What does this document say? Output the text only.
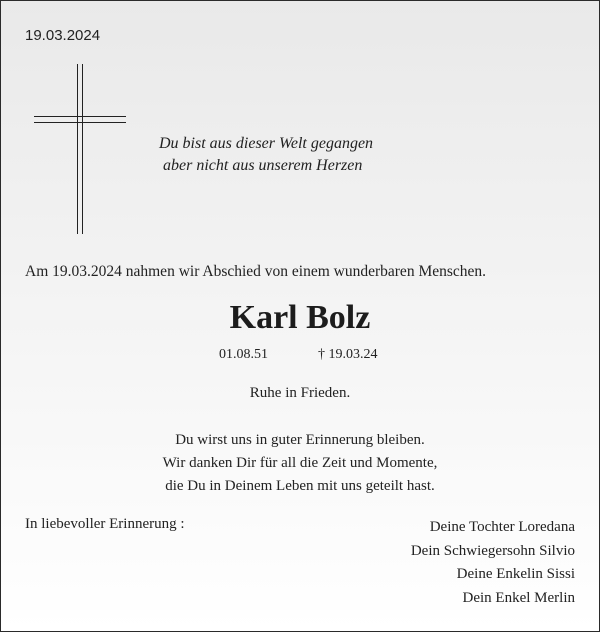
19.03.2024
Du bist aus dieser Welt gegangen
aber nicht aus unserem Herzen
Am 19.03.2024 nahmen wir Abschied von einem wunderbaren Menschen.
Karl Bolz
01.08.51	† 19.03.24
Ruhe in Frieden.
Du wirst uns in guter Erinnerung bleiben.
Wir danken Dir für all die Zeit und Momente,
die Du in Deinem Leben mit uns geteilt hast.
In liebevoller Erinnerung :	Deine Tochter Loredana
Dein Schwiegersohn Silvio
Deine Enkelin Sissi
Dein Enkel Merlin
